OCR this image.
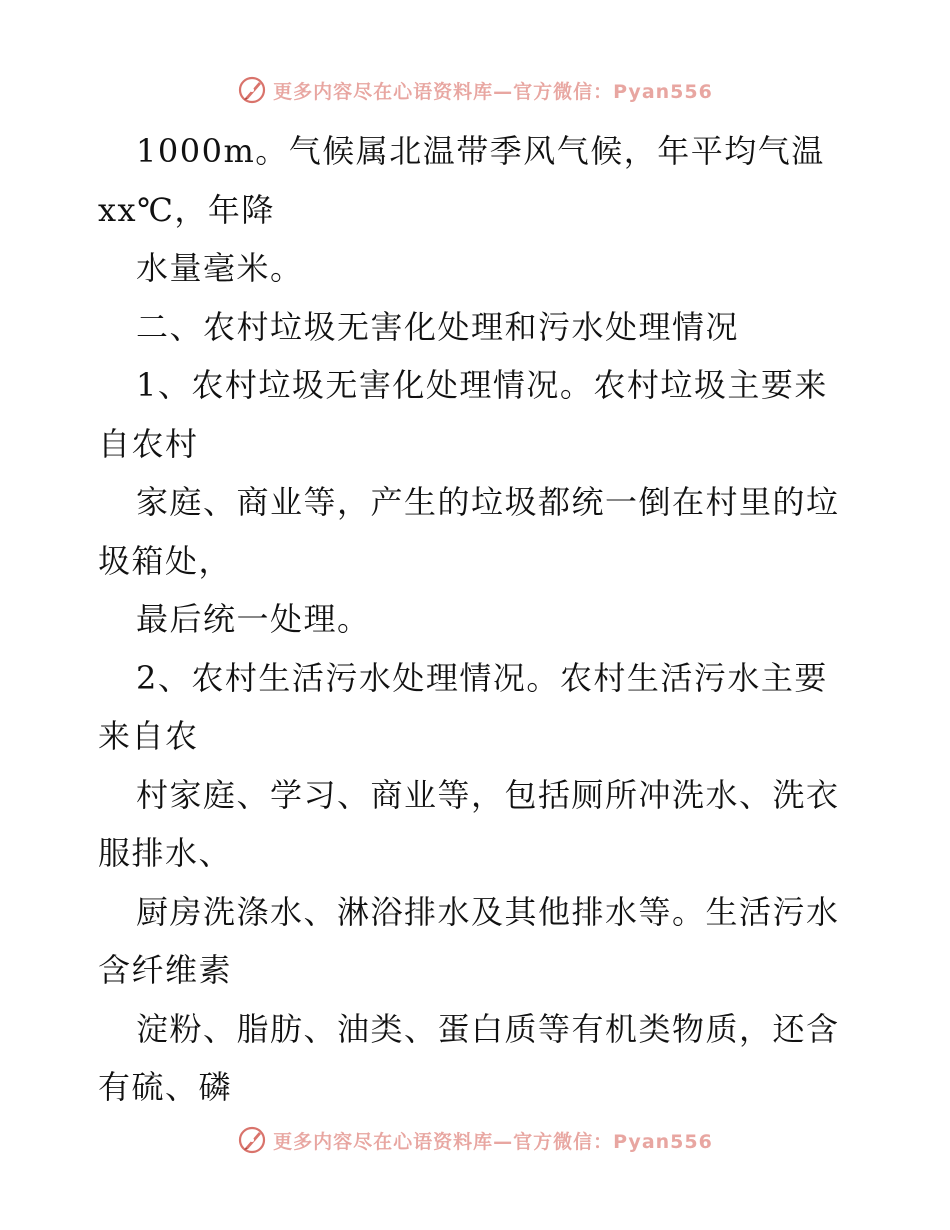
更多内容尽在心语资料库—官方微信：Pyan556
1000m。气候属北温带季风气候，年平均气温
xx℃，年降
水量毫米。
二、农村垃圾无害化处理和污水处理情况
1、农村垃圾无害化处理情况。农村垃圾主要来
自农村
家庭、商业等，产生的垃圾都统一倒在村里的垃
圾箱处，
最后统一处理。
2、农村生活污水处理情况。农村生活污水主要
来自农
村家庭、学习、商业等，包括厕所冲洗水、洗衣
服排水、
厨房洗涤水、淋浴排水及其他排水等。生活污水
含纤维素
淀粉、脂肪、油类、蛋白质等有机类物质，还含
有硫、磷
更多内容尽在心语资料库—官方微信：Pyan556
